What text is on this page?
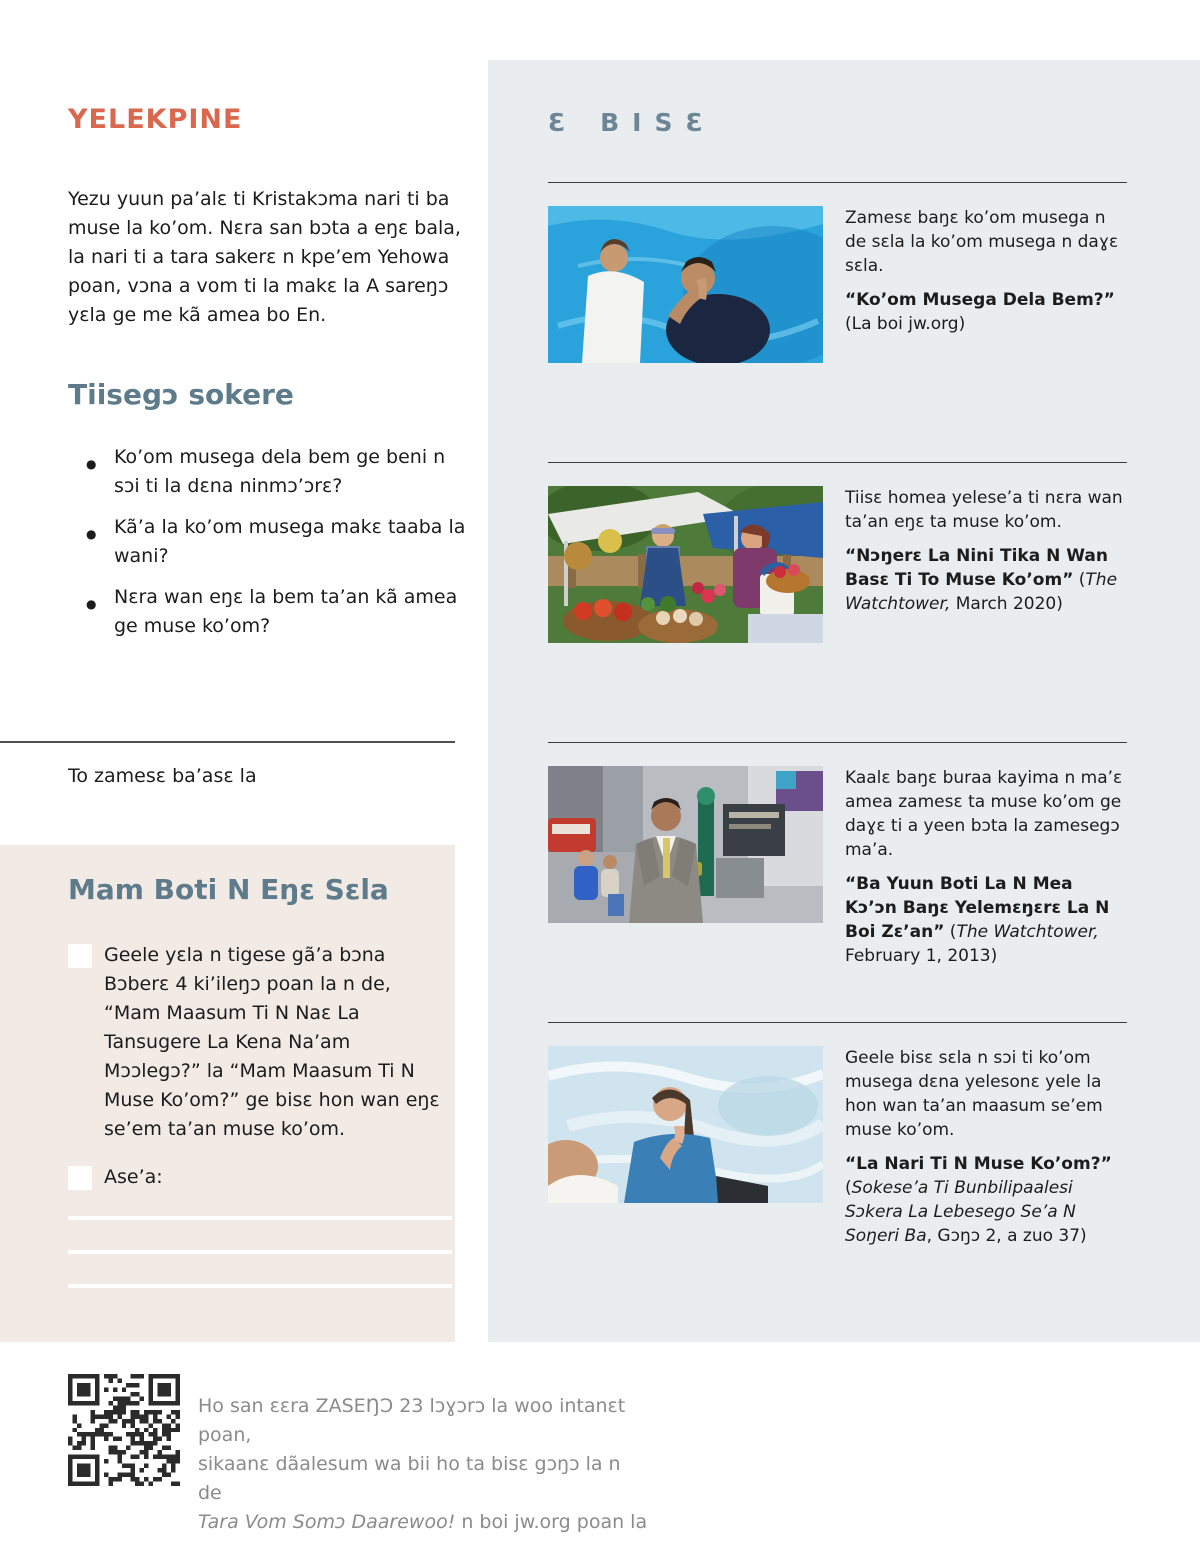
YELEKPINE

Yezu yuun pa’alɛ ti Kristakɔma nari ti ba muse la ko’om. Nɛra san bɔta a eŋɛ bala, la nari ti a tara sakerɛ n kpe’em Yehowa poan, vɔna a vom ti la makɛ la A sareŋɔ yɛla ge me kã amea bo En.

Tiisegɔ sokere
● Ko’om musega dela bem ge beni n sɔi ti la dɛna ninmɔ’ɔrɛ?
● Kã’a la ko’om musega makɛ taaba la wani?
● Nɛra wan eŋɛ la bem ta’an kã amea ge muse ko’om?
To zamesɛ ba’asɛ la
Mam Boti N Eŋɛ Sɛla
Geele yɛla n tigese gã’a bɔna Bɔberɛ 4 ki’ileŋɔ poan la n de, “Mam Maasum Ti N Naɛ La Tansugere La Kena Na’am Mɔɔlegɔ?” la “Mam Maasum Ti N Muse Ko’om?” ge bisɛ hon wan eŋɛ se’em ta’an muse ko’om.
Ase’a:
Ho san ɛɛra ZASEŊƆ 23 lɔɣɔrɔ la woo intanɛt poan,
sikaanɛ dãalesum wa bii ho ta bisɛ gɔŋɔ la n de
Tara Vom Somɔ Daarewoo! n boi jw.org poan la
Ɛ BISƐ

Zamesɛ baŋɛ ko’om musega n de sɛla la ko’om musega n daɣɛ sɛla.

“Ko’om Musega Dela Bem?” (La boi jw.org)

Tiisɛ homea yelese’a ti nɛra wan ta’an eŋɛ ta muse ko’om.

“Nɔŋerɛ La Nini Tika N Wan Basɛ Ti To Muse Ko’om” (The Watchtower, March 2020)

Kaalɛ baŋɛ buraa kayima n ma’ɛ amea zamesɛ ta muse ko’om ge daɣɛ ti a yeen bɔta la zamesegɔ ma’a.

“Ba Yuun Boti La N Mea Kɔ’ɔn Baŋɛ Yelemɛŋɛrɛ La N Boi Zɛ’an” (The Watchtower, February 1, 2013)

Geele bisɛ sɛla n sɔi ti ko’om musega dɛna yelesonɛ yele la hon wan ta’an maasum se’em muse ko’om.

“La Nari Ti N Muse Ko’om?” (Sokese’a Ti Bunbilipaalesi Sɔkera La Lebesego Se’a N Soŋeri Ba, Gɔŋɔ 2, a zuo 37)
